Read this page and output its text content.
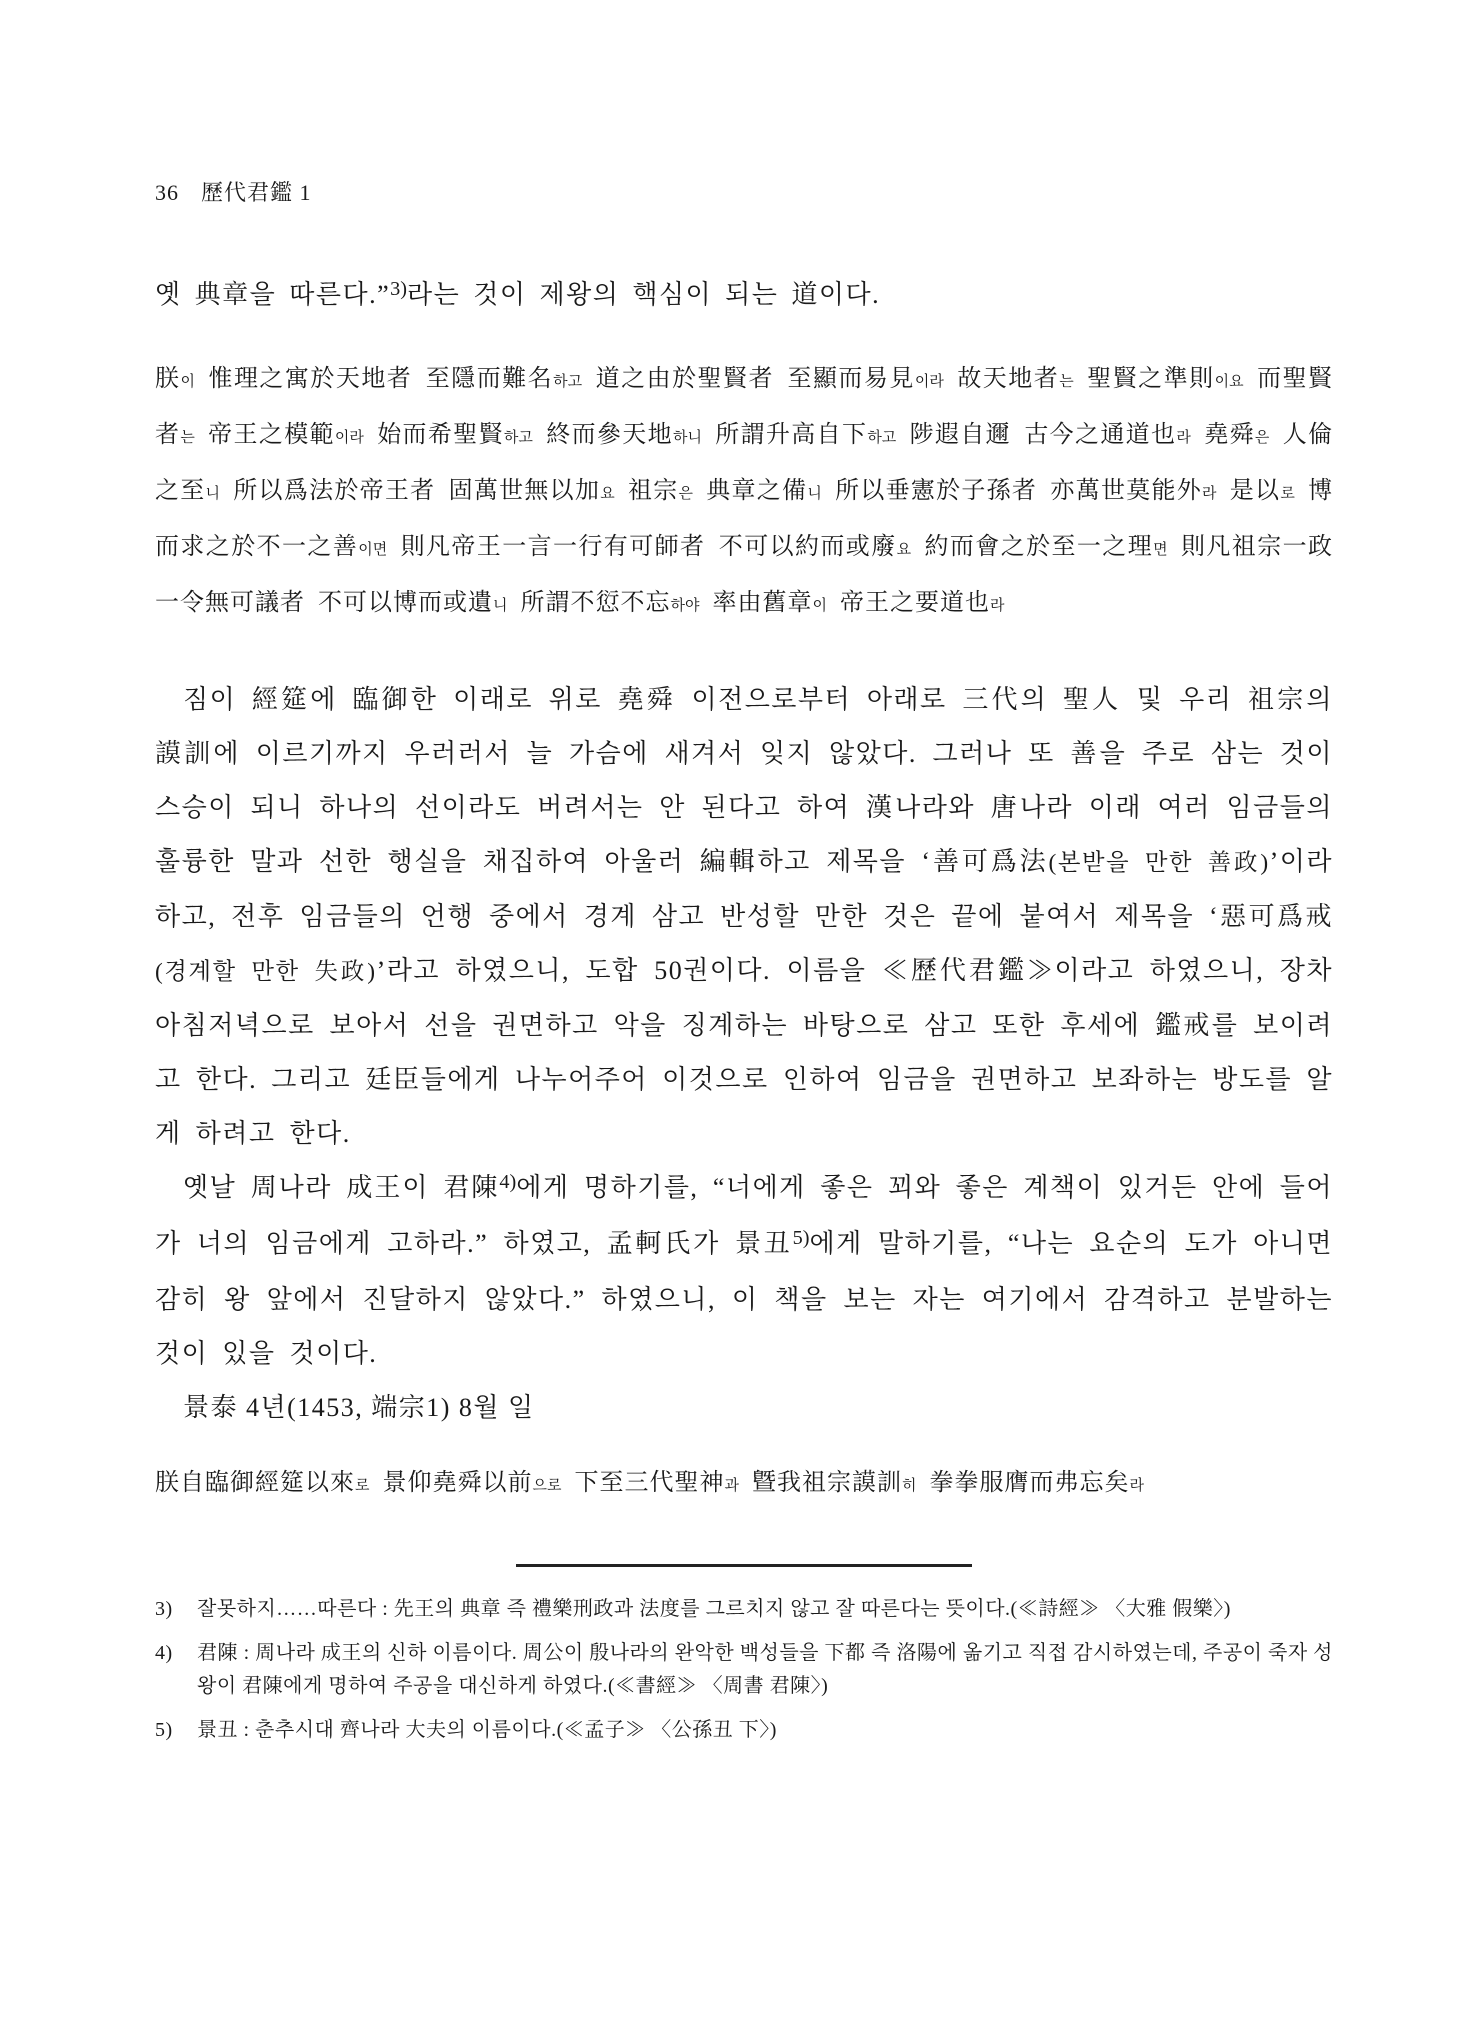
36 歷代君鑑 1
옛 典章을 따른다.”$^{3)}$라는 것이 제왕의 핵심이 되는 道이다.
朕이 惟理之寓於天地者 至隱而難名하고 道之由於聖賢者 至顯而易見이라 故天地者는 聖賢之準則이요 而聖賢者는 帝王之模範이라 始而希聖賢하고 終而參天地하니 所謂升高自下하고 陟遐自邇 古今之通道也라 堯舜은 人倫之至니 所以爲法於帝王者 固萬世無以加요 祖宗은 典章之備니 所以垂憲於子孫者 亦萬世莫能外라 是以로 博而求之於不一之善이면 則凡帝王一言一行有可師者 不可以約而或廢요 約而會之於至一之理면 則凡祖宗一政一令無可議者 不可以博而或遺니 所謂不愆不忘하야 率由舊章이 帝王之要道也라
짐이 經筵에 臨御한 이래로 위로 堯舜 이전으로부터 아래로 三代의 聖人 및 우리 祖宗의 謨訓에 이르기까지 우러러서 늘 가슴에 새겨서 잊지 않았다. 그러나 또 善을 주로 삼는 것이 스승이 되니 하나의 선이라도 버려서는 안 된다고 하여 漢나라와 唐나라 이래 여러 임금들의 훌륭한 말과 선한 행실을 채집하여 아울러 編輯하고 제목을 ‘善可爲法(본받을 만한 善政)’이라 하고, 전후 임금들의 언행 중에서 경계 삼고 반성할 만한 것은 끝에 붙여서 제목을 ‘惡可爲戒(경계할 만한 失政)’라고 하였으니, 도합 50권이다. 이름을 ≪歷代君鑑≫이라고 하였으니, 장차 아침저녁으로 보아서 선을 권면하고 악을 징계하는 바탕으로 삼고 또한 후세에 鑑戒를 보이려고 한다. 그리고 廷臣들에게 나누어주어 이것으로 인하여 임금을 권면하고 보좌하는 방도를 알게 하려고 한다.
옛날 周나라 成王이 君陳$^{4)}$에게 명하기를, “너에게 좋은 꾀와 좋은 계책이 있거든 안에 들어가 너의 임금에게 고하라.” 하였고, 孟軻氏가 景丑$^{5)}$에게 말하기를, “나는 요순의 도가 아니면 감히 왕 앞에서 진달하지 않았다.” 하였으니, 이 책을 보는 자는 여기에서 감격하고 분발하는 것이 있을 것이다.
景泰 4년(1453, 端宗1) 8월 일
朕自臨御經筵以來로 景仰堯舜以前으로 下至三代聖神과 曁我祖宗謨訓히 拳拳服膺而弗忘矣라
3)	잘못하지……따른다 : 先王의 典章 즉 禮樂刑政과 法度를 그르치지 않고 잘 따른다는 뜻이다.(≪詩經≫ 〈大雅 假樂〉)
4)	君陳 : 周나라 成王의 신하 이름이다. 周公이 殷나라의 완악한 백성들을 下都 즉 洛陽에 옮기고 직접 감시하였는데, 주공이 죽자 성왕이 君陳에게 명하여 주공을 대신하게 하였다.(≪書經≫ 〈周書 君陳〉)
5)	景丑 : 춘추시대 齊나라 大夫의 이름이다.(≪孟子≫ 〈公孫丑 下〉)
